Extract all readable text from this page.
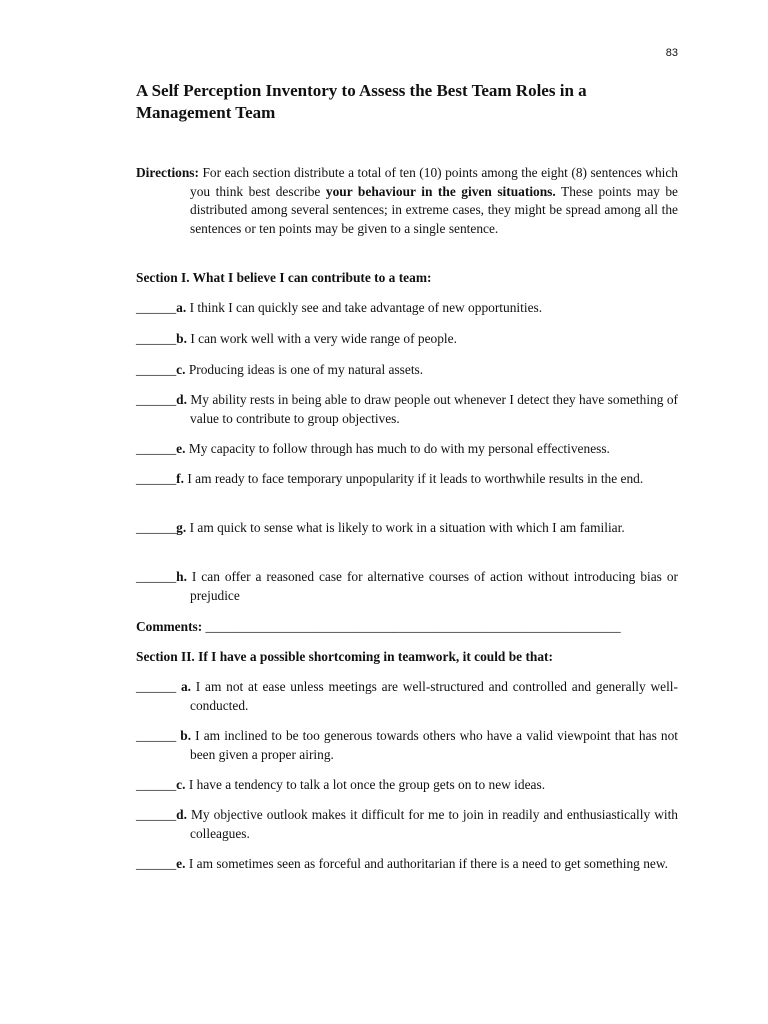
83
A Self Perception Inventory to Assess the Best Team Roles in a Management Team
Directions: For each section distribute a total of ten (10) points among the eight (8) sentences which you think best describe your behaviour in the given situations. These points may be distributed among several sentences; in extreme cases, they might be spread among all the sentences or ten points may be given to a single sentence.
Section I. What I believe I can contribute to a team:
______a. I think I can quickly see and take advantage of new opportunities.
______b. I can work well with a very wide range of people.
______c. Producing ideas is one of my natural assets.
______d. My ability rests in being able to draw people out whenever I detect they have something of value to contribute to group objectives.
______e. My capacity to follow through has much to do with my personal effectiveness.
______f. I am ready to face temporary unpopularity if it leads to worthwhile results in the end.
______g. I am quick to sense what is likely to work in a situation with which I am familiar.
______h. I can offer a reasoned case for alternative courses of action without introducing bias or prejudice
Comments: ______________________________________________________________
Section II. If I have a possible shortcoming in teamwork, it could be that:
______ a. I am not at ease unless meetings are well-structured and controlled and generally well-conducted.
______ b. I am inclined to be too generous towards others who have a valid viewpoint that has not been given a proper airing.
______c. I have a tendency to talk a lot once the group gets on to new ideas.
______d. My objective outlook makes it difficult for me to join in readily and enthusiastically with colleagues.
______e. I am sometimes seen as forceful and authoritarian if there is a need to get something new.
